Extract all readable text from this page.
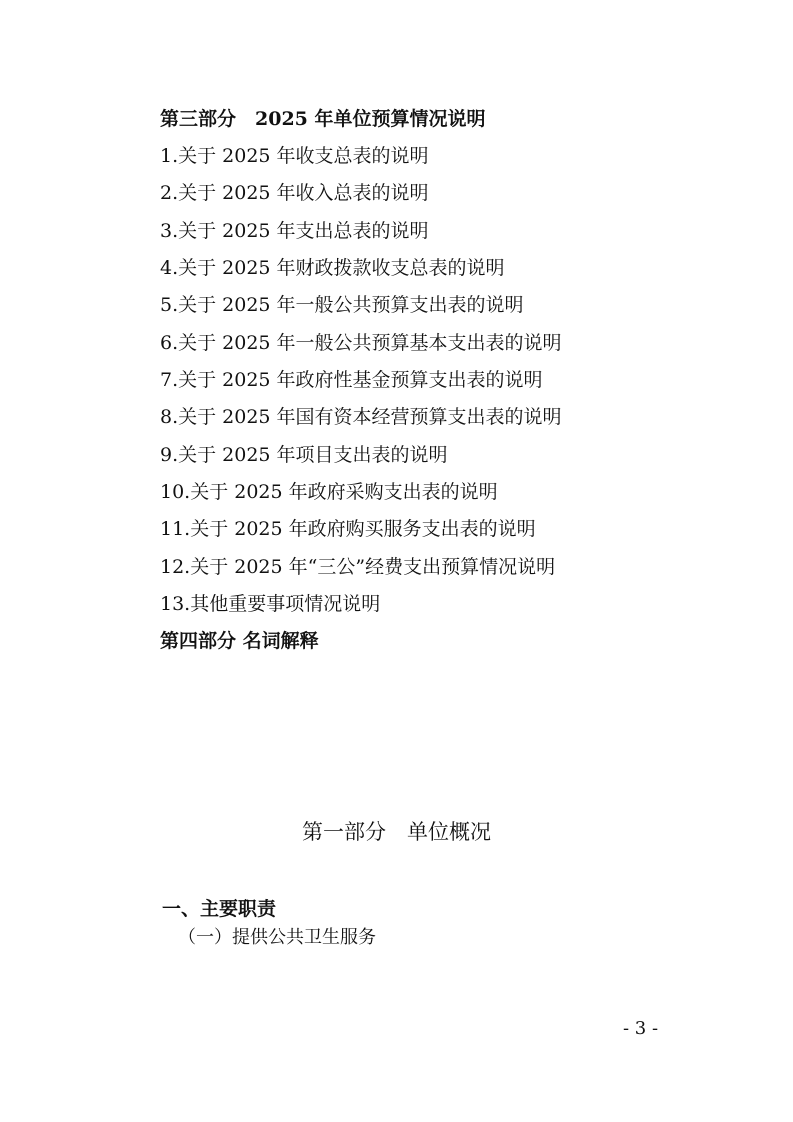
第三部分　2025 年单位预算情况说明
1.关于 2025 年收支总表的说明
2.关于 2025 年收入总表的说明
3.关于 2025 年支出总表的说明
4.关于 2025 年财政拨款收支总表的说明
5.关于 2025 年一般公共预算支出表的说明
6.关于 2025 年一般公共预算基本支出表的说明
7.关于 2025 年政府性基金预算支出表的说明
8.关于 2025 年国有资本经营预算支出表的说明
9.关于 2025 年项目支出表的说明
10.关于 2025 年政府采购支出表的说明
11.关于 2025 年政府购买服务支出表的说明
12.关于 2025 年“三公”经费支出预算情况说明
13.其他重要事项情况说明
第四部分 名词解释
第一部分　单位概况
一、主要职责
（一）提供公共卫生服务
- 3 -
